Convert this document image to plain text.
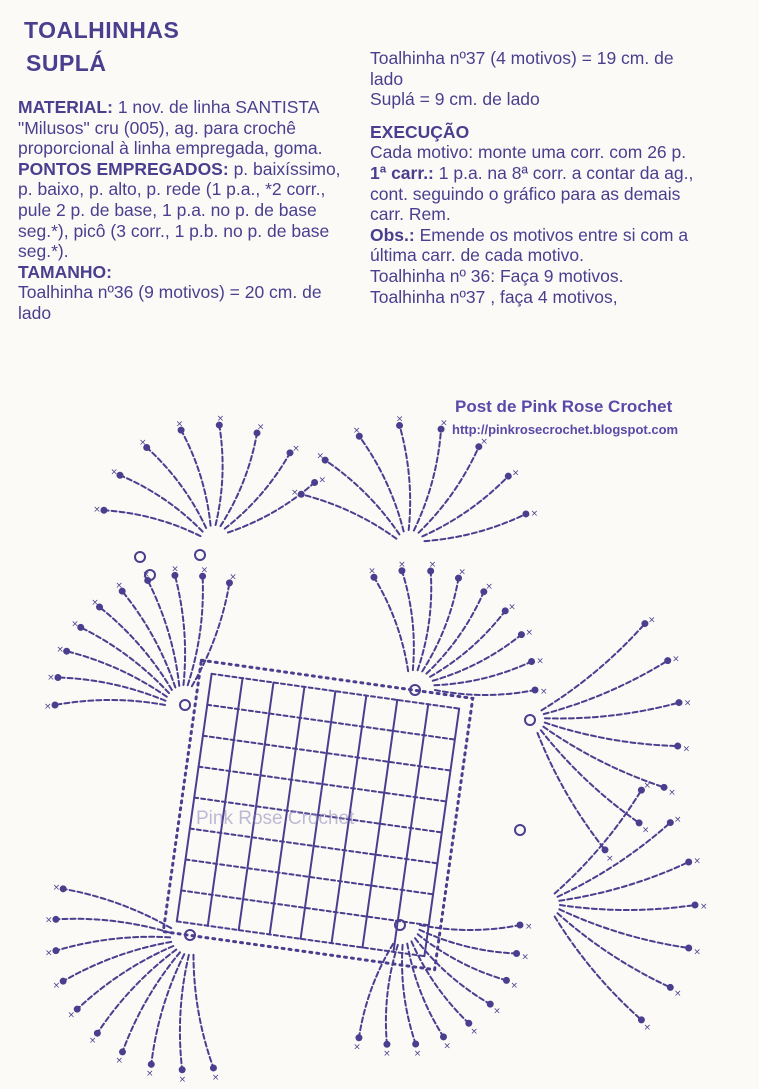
TOALHINHAS
SUPLÁ

MATERIAL: 1 nov. de linha SANTISTA "Milusos" cru (005), ag. para crochê proporcional à linha empregada, goma.

PONTOS EMPREGADOS: p. baixíssimo, p. baixo, p. alto, p. rede (1 p.a., *2 corr., pule 2 p. de base, 1 p.a. no p. de base seg.*), picô (3 corr., 1 p.b. no p. de base seg.*).

TAMANHO:

Toalhinha nº36 (9 motivos) = 20 cm. de lado

Toalhinha nº37 (4 motivos) = 19 cm. de lado

Suplá = 9 cm. de lado

EXECUÇÃO

Cada motivo: monte uma corr. com 26 p.

1ª carr.: 1 p.a. na 8ª corr. a contar da ag., cont. seguindo o gráfico para as demais carr. Rem.

Obs.: Emende os motivos entre si com a última carr. de cada motivo.

Toalhinha nº 36: Faça 9 motivos.

Toalhinha nº37 , faça 4 motivos,

Post de Pink Rose Crochet
http://pinkrosecrochet.blogspot.com
×
×
×
×
×
×
×
× ×
×
×
×	×
×
×
×
×
×
×
×
×
×
×
×
×
×
×
×
×
×
×
×
×
×
×
×
×
×
×
×
×
×
×
×
×
×
×
×
×
×	×
×
×
×
×
×
×
×
×
×
×
×
×
×
×
×
×
×
Pink Rose Crochet
